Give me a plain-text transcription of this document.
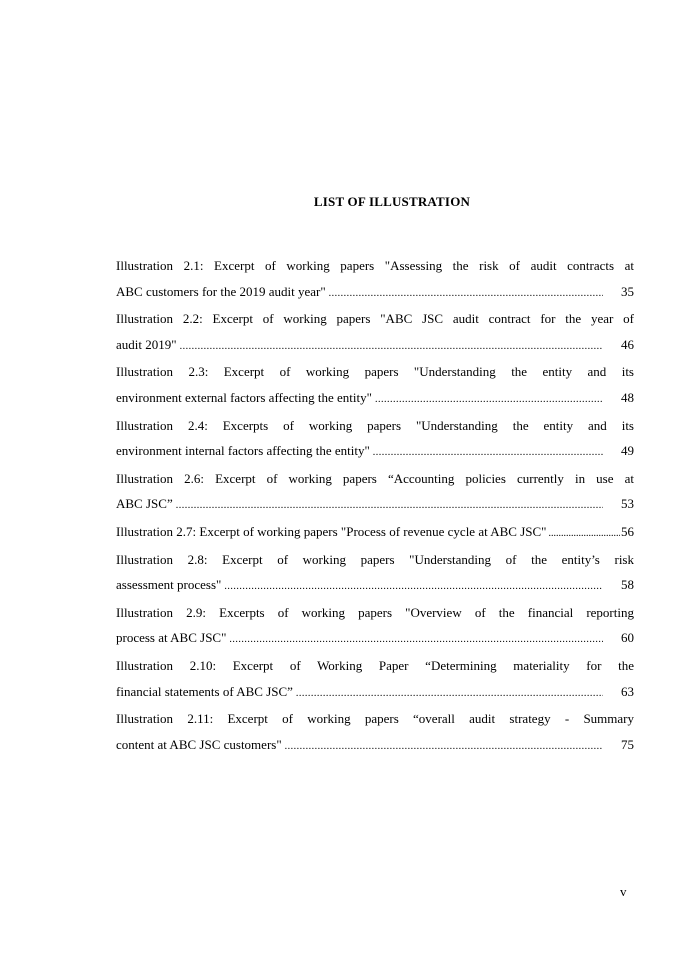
LIST OF ILLUSTRATION
Illustration 2.1: Excerpt of working papers "Assessing the risk of audit contracts at
ABC customers for the 2019 audit year" .....	35
Illustration 2.2: Excerpt of working papers "ABC JSC audit contract for the year of
audit 2019" .....	46
Illustration 2.3: Excerpt of working papers "Understanding the entity and its
environment external factors affecting the entity" .....	48
Illustration 2.4: Excerpts of working papers "Understanding the entity and its
environment internal factors affecting the entity" .....	49
Illustration 2.6: Excerpt of working papers “Accounting policies currently in use at
ABC JSC” .....	53
Illustration 2.7: Excerpt of working papers "Process of revenue cycle at ABC JSC" .....	56
Illustration 2.8: Excerpt of working papers "Understanding of the entity’s risk
assessment process" .....	58
Illustration 2.9: Excerpts of working papers "Overview of the financial reporting
process at ABC JSC" .....	60
Illustration 2.10: Excerpt of Working Paper “Determining materiality for the
financial statements of ABC JSC” .....	63
Illustration 2.11: Excerpt of working papers “overall audit strategy - Summary
content at ABC JSC customers" .....	75
v
